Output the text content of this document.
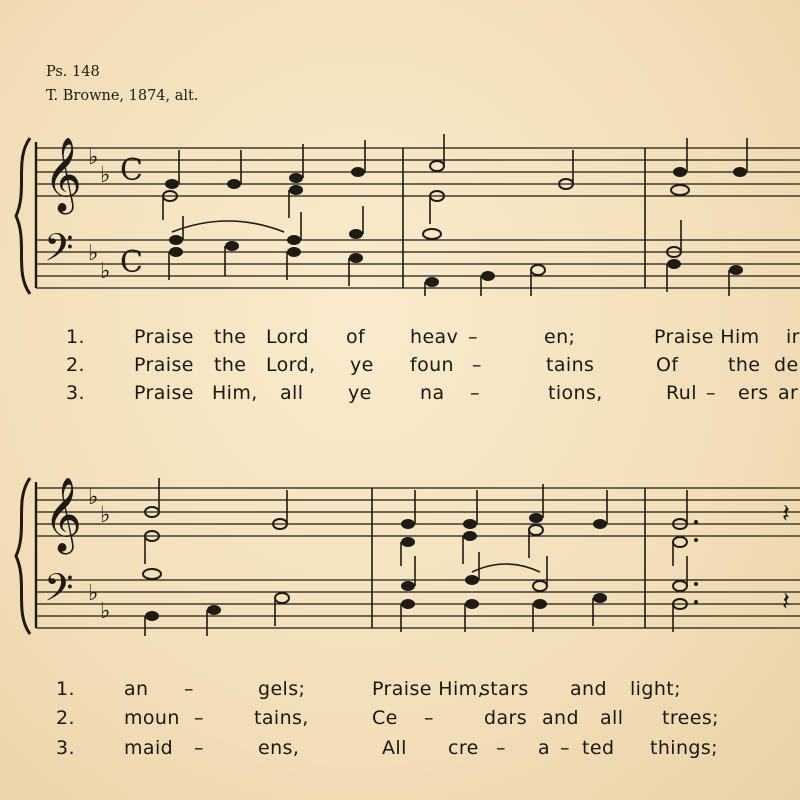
Ps. 148
T. Browne, 1874, alt.
𝄞
𝄢
♭
♭
♭
♭
C
C
1.	Praise the Lord of heav –	en;	Praise Him ir
2.	Praise the Lord, ye foun –	tains	Of	the de
3.	Praise Him, all ye	na –	tions,	Rul – ers ar
𝄞
𝄢
♭
♭
♭
♭
𝄽
𝄽
1.	an –	gels;	Praise Him,
stars and light;
2.	moun –	tains,	Ce –	dars and all trees;
3.	maid –	ens,	All cre – a – ted things;
